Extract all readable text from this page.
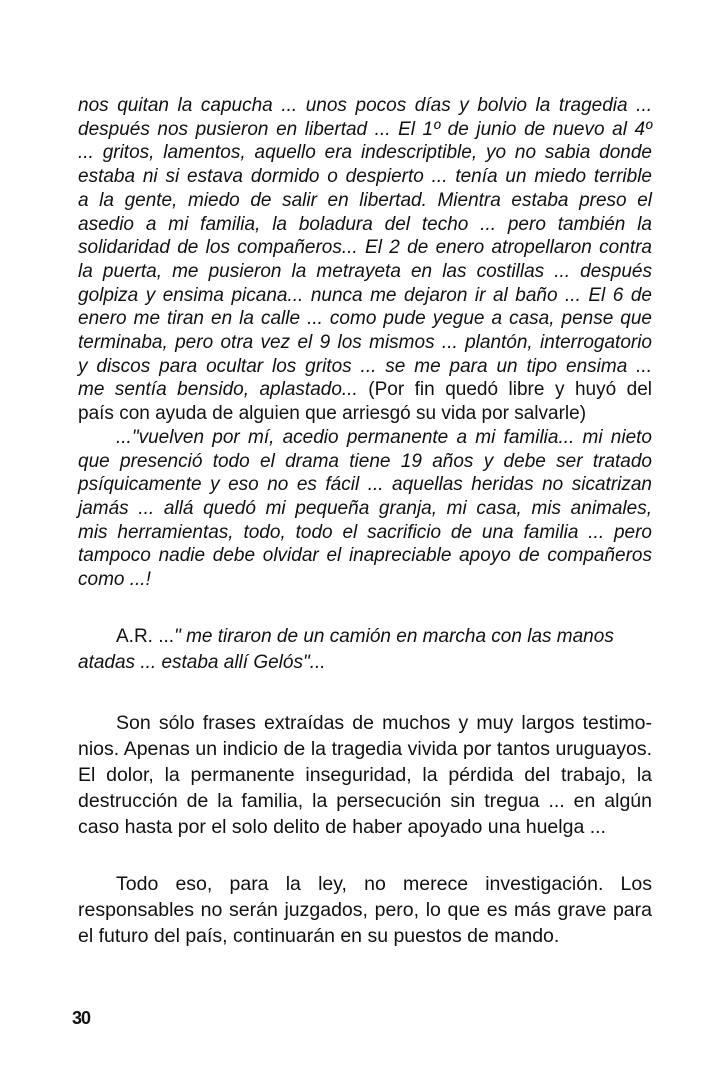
nos quitan la capucha ... unos pocos días y bolvio la tragedia ...
después nos pusieron en libertad ... El 1º de junio de nuevo al 4º
... gritos, lamentos, aquello era indescriptible, yo no sabia donde
estaba ni si estava dormido o despierto ... tenía un miedo terrible
a la gente, miedo de salir en libertad. Mientra estaba preso el
asedio a mi familia, la boladura del techo ... pero también la
solidaridad de los compañeros... El 2 de enero atropellaron contra
la puerta, me pusieron la metrayeta en las costillas ... después
golpiza y ensima picana... nunca me dejaron ir al baño ... El 6 de
enero me tiran en la calle ... como pude yegue a casa, pense que
terminaba, pero otra vez el 9 los mismos ... plantón, interrogatorio
y discos para ocultar los gritos ... se me para un tipo ensima ...
me sentía bensido, aplastado... (Por fin quedó libre y huyó del
país con ayuda de alguien que arriesgó su vida por salvarle)
..."vuelven por mí, acedio permanente a mi familia... mi nieto
que presenció todo el drama tiene 19 años y debe ser tratado
psíquicamente y eso no es fácil ... aquellas heridas no sicatrizan
jamás ... allá quedó mi pequeña granja, mi casa, mis animales,
mis herramientas, todo, todo el sacrificio de una familia ... pero
tampoco nadie debe olvidar el inapreciable apoyo de compañeros
como ...!
A.R. ..." me tiraron de un camión en marcha con las manos
atadas ... estaba allí Gelós"...
Son sólo frases extraídas de muchos y muy largos testimo-
nios. Apenas un indicio de la tragedia vivida por tantos uruguayos.
El dolor, la permanente inseguridad, la pérdida del trabajo, la
destrucción de la familia, la persecución sin tregua ... en algún
caso hasta por el solo delito de haber apoyado una huelga ...
Todo eso, para la ley, no merece investigación. Los
responsables no serán juzgados, pero, lo que es más grave para
el futuro del país, continuarán en su puestos de mando.
30
